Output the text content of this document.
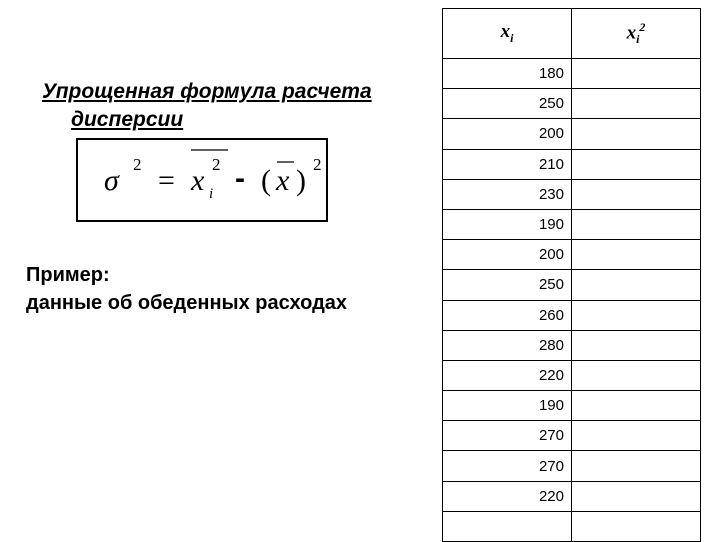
Упрощенная формула расчета
дисперсии
σ 2 = x 2
i - ( x ) 2
Пример:
данные об обеденных расходах
$x_i$	$x_i^2$
180	
250	
200	
210	
230	
190	
200	
250	
260	
280	
220	
190	
270	
270	
220	
